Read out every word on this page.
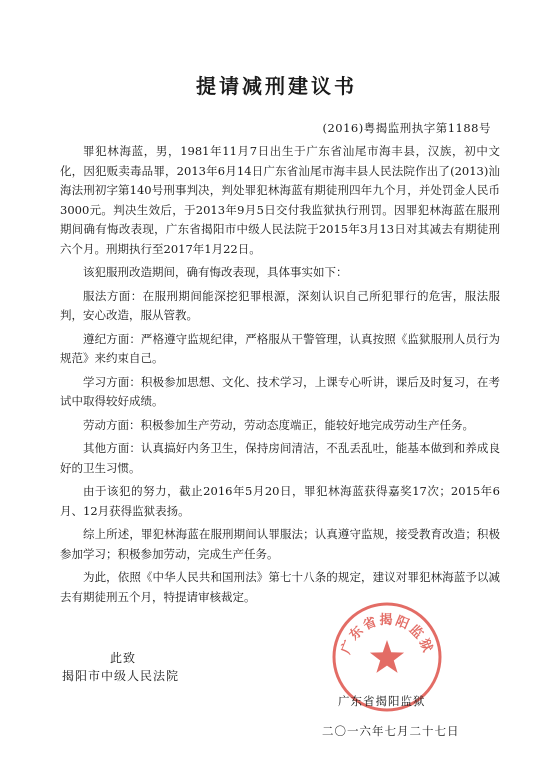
提请减刑建议书
(2016)粤揭监刑执字第1188号

罪犯林海蓝，男，1981年11月7日出生于广东省汕尾市海丰县，汉族，初中文化，因犯贩卖毒品罪，2013年6月14日广东省汕尾市海丰县人民法院作出了(2013)汕海法刑初字第140号刑事判决，判处罪犯林海蓝有期徒刑四年九个月，并处罚金人民币3000元。判决生效后，于2013年9月5日交付我监狱执行刑罚。因罪犯林海蓝在服刑期间确有悔改表现，广东省揭阳市中级人民法院于2015年3月13日对其减去有期徒刑六个月。刑期执行至2017年1月22日。

该犯服刑改造期间，确有悔改表现，具体事实如下：

服法方面：在服刑期间能深挖犯罪根源，深刻认识自己所犯罪行的危害，服法服判，安心改造，服从管教。

遵纪方面：严格遵守监规纪律，严格服从干警管理，认真按照《监狱服刑人员行为规范》来约束自己。

学习方面：积极参加思想、文化、技术学习，上课专心听讲，课后及时复习，在考试中取得较好成绩。

劳动方面：积极参加生产劳动，劳动态度端正，能较好地完成劳动生产任务。

其他方面：认真搞好内务卫生，保持房间清洁，不乱丢乱吐，能基本做到和养成良好的卫生习惯。

由于该犯的努力，截止2016年5月20日，罪犯林海蓝获得嘉奖17次；2015年6月、12月获得监狱表扬。

综上所述，罪犯林海蓝在服刑期间认罪服法；认真遵守监规，接受教育改造；积极参加学习；积极参加劳动，完成生产任务。

为此，依照《中华人民共和国刑法》第七十八条的规定，建议对罪犯林海蓝予以减去有期徒刑五个月，特提请审核裁定。

此致
揭阳市中级人民法院
广东省揭阳监狱
广东省揭阳监狱
二〇一六年七月二十七日
